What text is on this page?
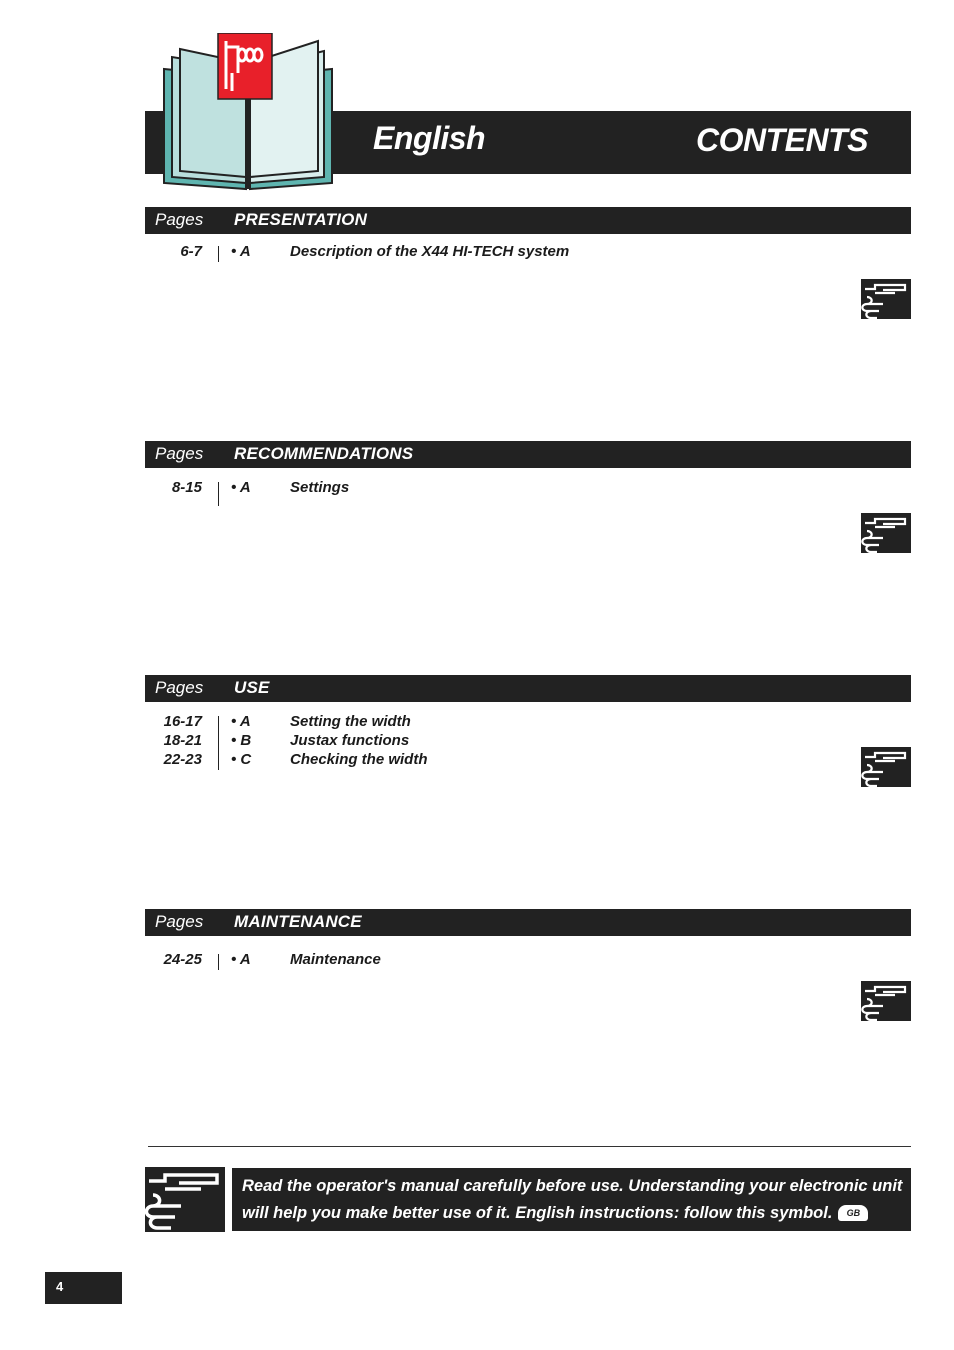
English	CONTENTS
Pages PRESENTATION
6-7 • A	Description of the X44 HI-TECH system
Pages RECOMMENDATIONS
8-15 • A	Settings
Pages USE
16-17 • A	Setting the width
18-21 • B	Justax functions
22-23 • C	Checking the width
Pages MAINTENANCE
24-25 • A	Maintenance
Read the operator's manual carefully before use. Understanding your electronic unit
will help you make better use of it. English instructions: follow this symbol. GB
4
